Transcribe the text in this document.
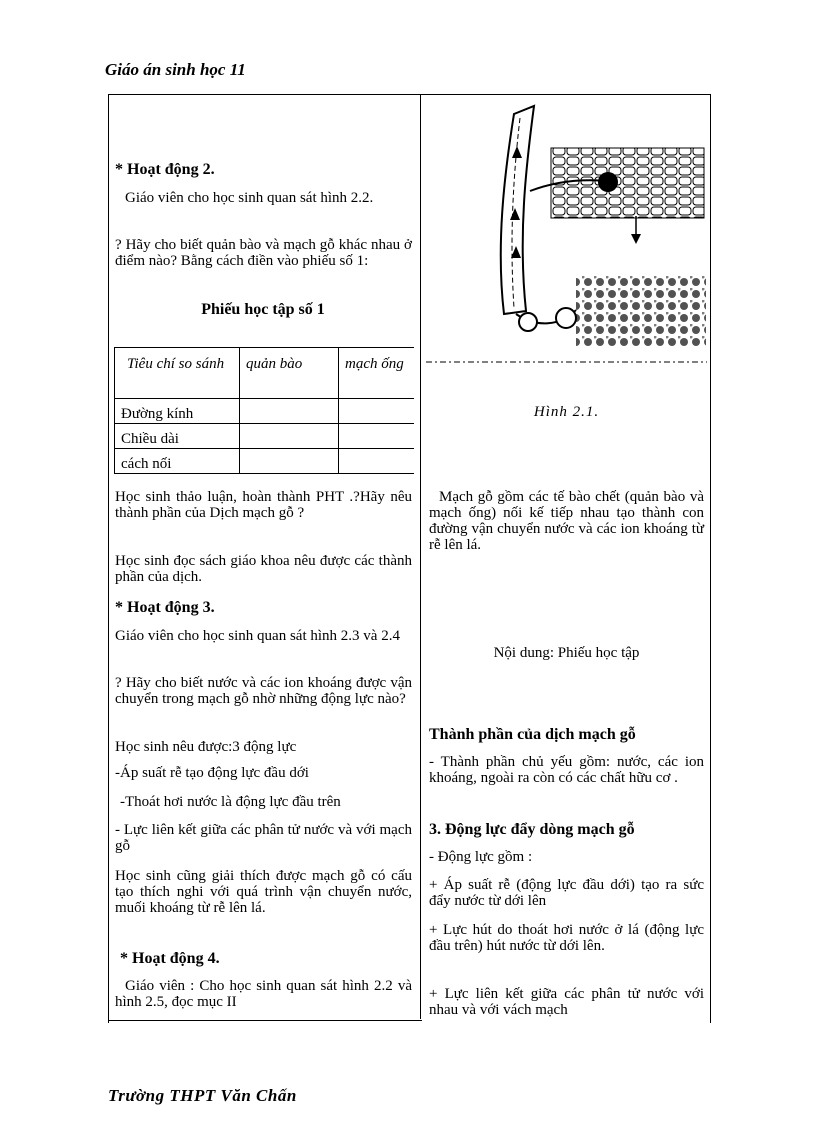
Giáo án sinh học 11

* Hoạt động 2.

Giáo viên cho học sinh quan sát hình 2.2.

? Hãy cho biết quản bào và mạch gỗ khác nhau ở điểm nào? Bằng cách điền vào phiếu số 1:

Phiếu học tập số 1

Tiêu chí so sánh	quản bào	mạch ống
Đường kính		
Chiều dài		
cách nối		

Học sinh thảo luận, hoàn thành PHT .?Hãy nêu thành phần của Dịch mạch gỗ ?

Học sinh đọc sách giáo khoa nêu được các thành phần của dịch.

* Hoạt động 3.

Giáo viên cho học sinh quan sát hình 2.3 và 2.4

? Hãy cho biết nước và các ion khoáng được vận chuyển trong mạch gỗ nhờ những động lực nào?

Học sinh nêu được:3 động lực

-Áp suất rễ tạo động lực đầu dới

-Thoát hơi nước là động lực đầu trên

- Lực liên kết giữa các phân tử nước và với mạch gỗ

Học sinh cũng giải thích được mạch gỗ có cấu tạo thích nghi với quá trình vận chuyển nước, muối khoáng từ rễ lên lá.

* Hoạt động 4.

Giáo viên : Cho học sinh quan sát hình 2.2 và hình 2.5, đọc mục II

Hình 2.1.

Mạch gỗ gồm các tế bào chết (quản bào và mạch ống) nối kế tiếp nhau tạo thành con đường vận chuyển nước và các ion khoáng từ rễ lên lá.

Nội dung: Phiếu học tập

Thành phần của dịch mạch gỗ

- Thành phần chủ yếu gồm: nước, các ion khoáng, ngoài ra còn có các chất hữu cơ .

3. Động lực đẩy dòng mạch gỗ

- Động lực gồm :

+ Áp suất rễ (động lực đầu dới) tạo ra sức đẩy nước từ dới lên

+ Lực hút do thoát hơi nước ở lá (động lực đầu trên) hút nước từ dới lên.

+ Lực liên kết giữa các phân tử nước với nhau và với vách mạch

Trường THPT Văn Chấn
